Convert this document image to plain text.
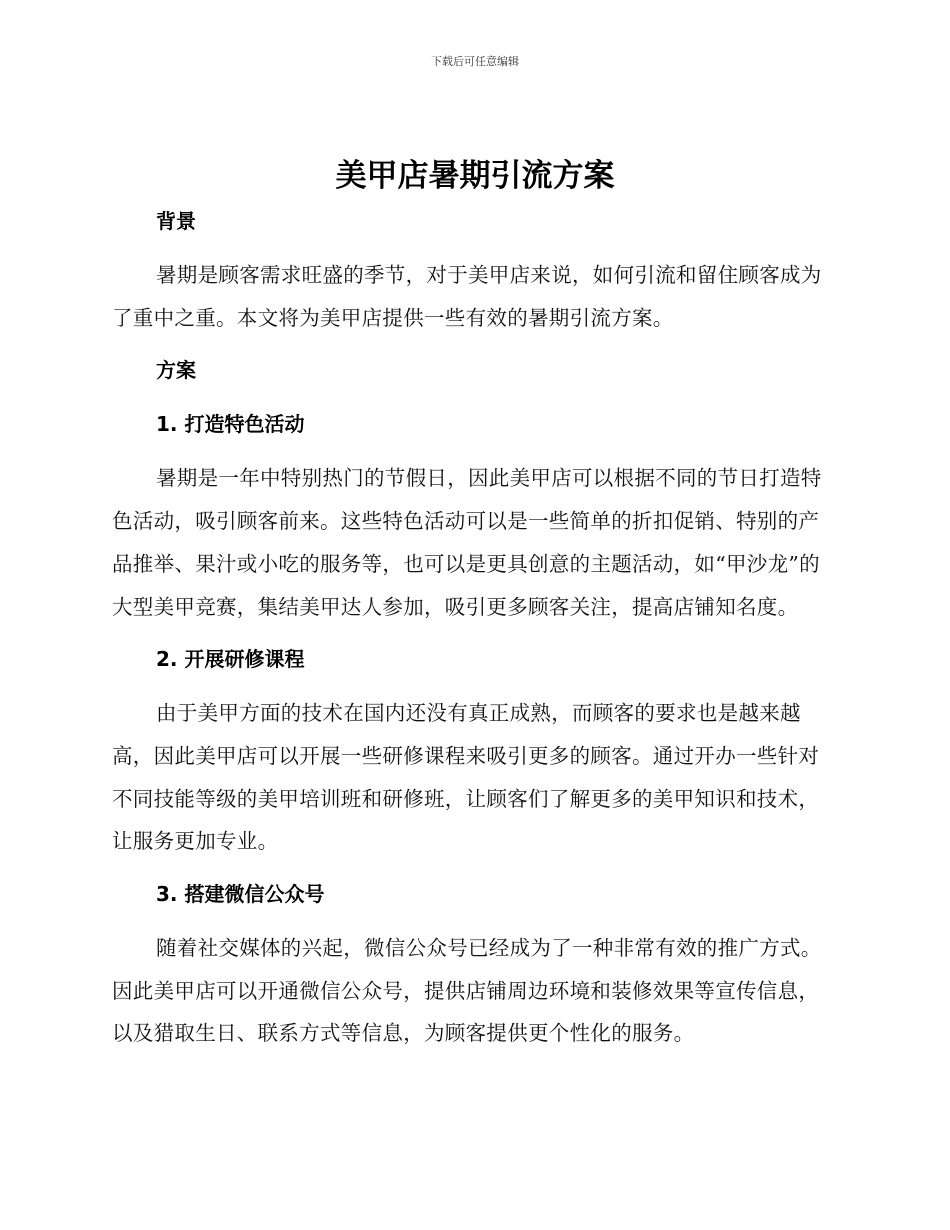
下载后可任意编辑
美甲店暑期引流方案

背景

暑期是顾客需求旺盛的季节，对于美甲店来说，如何引流和留住顾客成为了重中之重。本文将为美甲店提供一些有效的暑期引流方案。

方案

1. 打造特色活动

暑期是一年中特别热门的节假日，因此美甲店可以根据不同的节日打造特色活动，吸引顾客前来。这些特色活动可以是一些简单的折扣促销、特别的产品推举、果汁或小吃的服务等，也可以是更具创意的主题活动，如“甲沙龙”的大型美甲竞赛，集结美甲达人参加，吸引更多顾客关注，提高店铺知名度。

2. 开展研修课程

由于美甲方面的技术在国内还没有真正成熟，而顾客的要求也是越来越高，因此美甲店可以开展一些研修课程来吸引更多的顾客。通过开办一些针对不同技能等级的美甲培训班和研修班，让顾客们了解更多的美甲知识和技术，让服务更加专业。

3. 搭建微信公众号

随着社交媒体的兴起，微信公众号已经成为了一种非常有效的推广方式。因此美甲店可以开通微信公众号，提供店铺周边环境和装修效果等宣传信息，以及猎取生日、联系方式等信息，为顾客提供更个性化的服务。
